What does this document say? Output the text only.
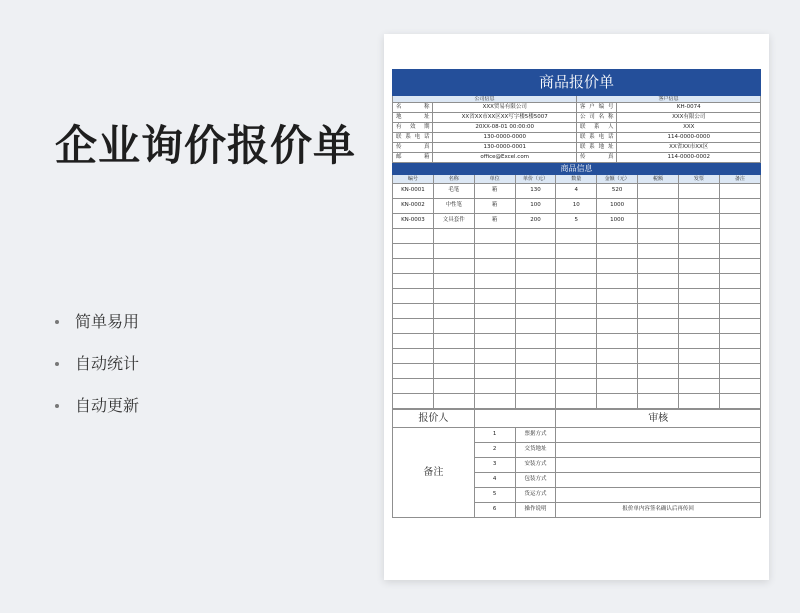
企业询价报价单
简单易用
自动统计
自动更新
商品报价单			
公司信息		客户信息	
名称	XXX贸易有限公司	客户编号	KH-0074
地址	XX省XX市XX区XX写字楼5楼5007	公司名称	XXX有限公司
有效期	20XX-08-01 00:00:00	联系人	XXX
联系电话	130-0000-0000	联系电话	114-0000-0000
传真	130-0000-0001	联系地址	XX省XX市XX区
邮箱	office@Excel.com	传真	114-0000-0002
商品信息								
编号	名称	单位	单价（元）	数量	金额（元）	税额	发票	备注
KN-0001	毛笔	箱	130	4	520			
KN-0002	中性笔	箱	100	10	1000			
KN-0003	文具套件	箱	200	5	1000			

报价人			审核
备注	1	票据方式	
	2	交货地址	
	3	安装方式	
	4	包装方式	
	5	货运方式	
	6	操作说明	报价单内容签名确认后再传回
